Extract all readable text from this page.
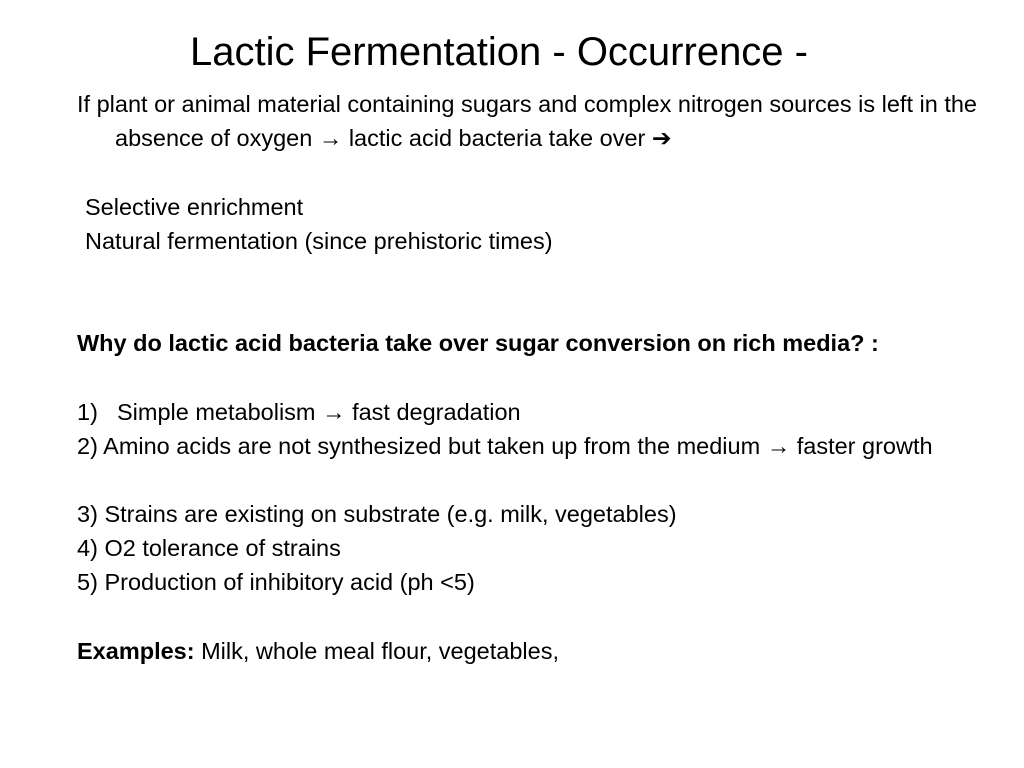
Lactic Fermentation - Occurrence -

If plant or animal material containing sugars and complex nitrogen sources is left in the absence of oxygen → lactic acid bacteria take over ➔

Selective enrichment

Natural fermentation (since prehistoric times)

Why do lactic acid bacteria take over sugar conversion on rich media? :

1) Simple metabolism → fast degradation

2) Amino acids are not synthesized but taken up from the medium → faster growth

3) Strains are existing on substrate (e.g. milk, vegetables)

4) O2 tolerance of strains

5) Production of inhibitory acid (ph <5)

Examples: Milk, whole meal flour, vegetables,
